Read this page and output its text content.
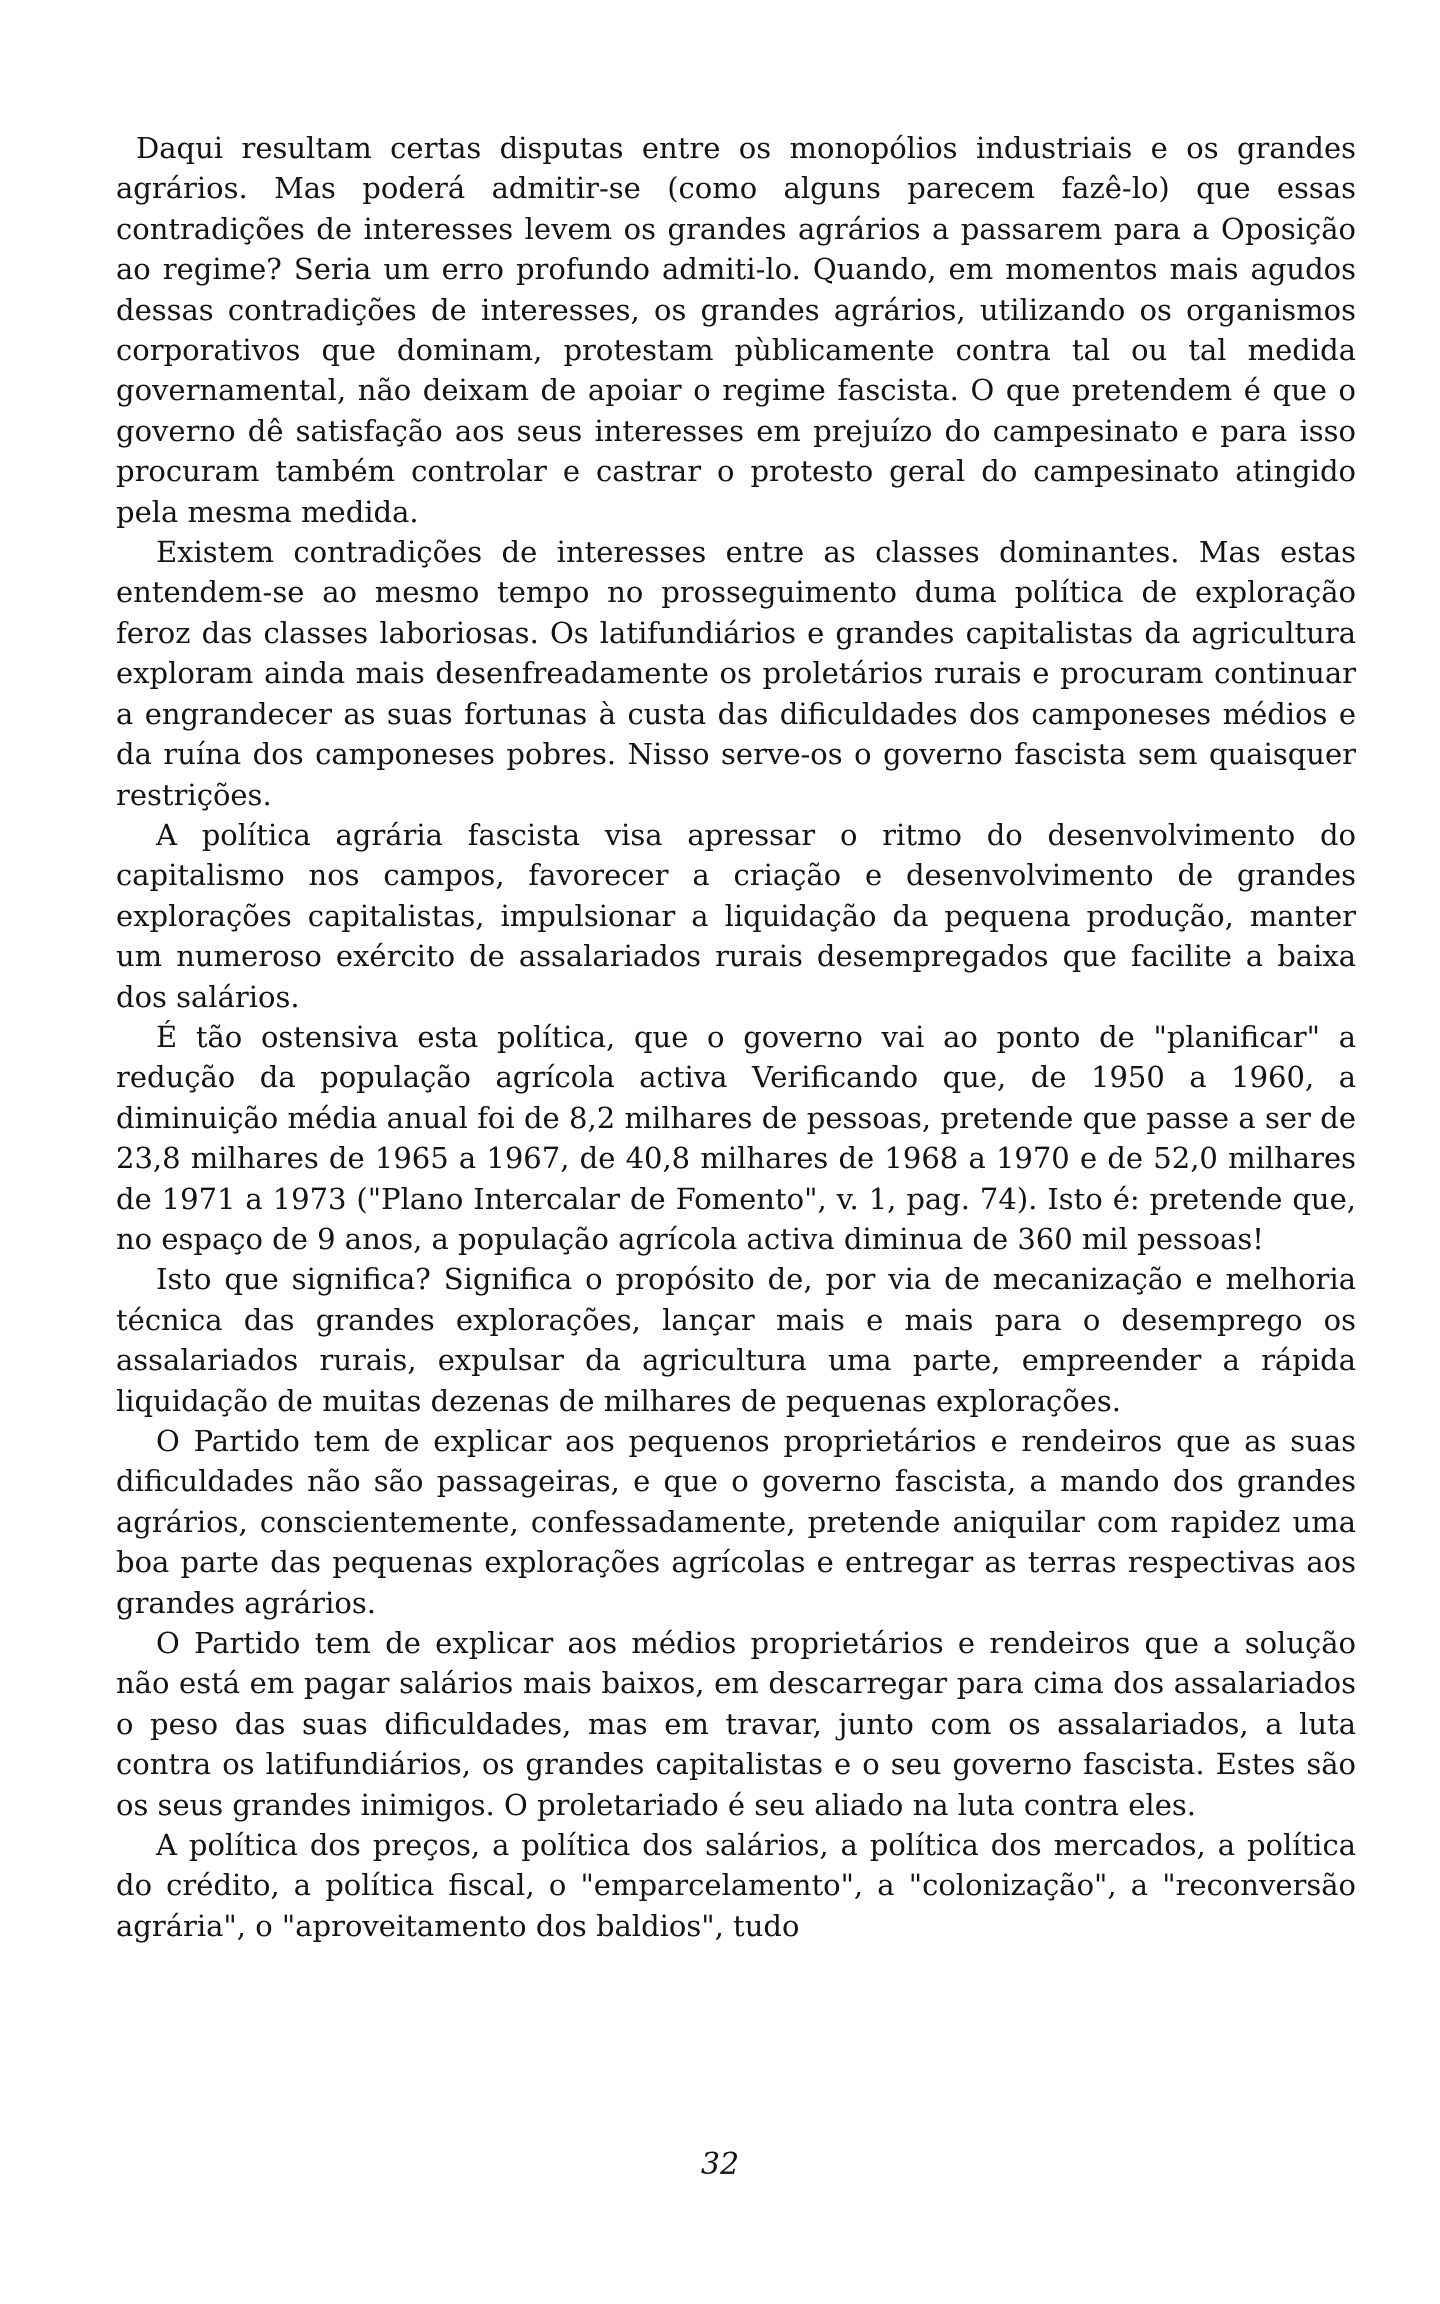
Daqui resultam certas disputas entre os monopólios industriais e os grandes agrários. Mas poderá admitir-se (como alguns parecem fazê-lo) que essas contradições de interesses levem os grandes agrários a passarem para a Oposição ao regime? Seria um erro profundo admiti-lo. Quando, em momentos mais agudos dessas contradições de interesses, os grandes agrários, utilizando os organismos corporativos que dominam, protestam pùblicamente contra tal ou tal medida governamental, não deixam de apoiar o regime fascista. O que pretendem é que o governo dê satisfação aos seus interesses em prejuízo do campesinato e para isso procuram também controlar e castrar o protesto geral do campesinato atingido pela mesma medida.

Existem contradições de interesses entre as classes dominantes. Mas estas entendem-se ao mesmo tempo no prosseguimento duma política de exploração feroz das classes laboriosas. Os latifundiários e grandes capitalistas da agricultura exploram ainda mais desenfreadamente os proletários rurais e procuram continuar a engrandecer as suas fortunas à custa das dificuldades dos camponeses médios e da ruína dos camponeses pobres. Nisso serve-os o governo fascista sem quaisquer restrições.

A política agrária fascista visa apressar o ritmo do desenvolvimento do capitalismo nos campos, favorecer a criação e desenvolvimento de grandes explorações capitalistas, impulsionar a liquidação da pequena produção, manter um numeroso exército de assalariados rurais desempregados que facilite a baixa dos salários.

É tão ostensiva esta política, que o governo vai ao ponto de "planificar" a redução da população agrícola activa Verificando que, de 1950 a 1960, a diminuição média anual foi de 8,2 milhares de pessoas, pretende que passe a ser de 23,8 milhares de 1965 a 1967, de 40,8 milhares de 1968 a 1970 e de 52,0 milhares de 1971 a 1973 ("Plano Intercalar de Fomento", v. 1, pag. 74). Isto é: pretende que, no espaço de 9 anos, a população agrícola activa diminua de 360 mil pessoas!

Isto que significa? Significa o propósito de, por via de mecanização e melhoria técnica das grandes explorações, lançar mais e mais para o desemprego os assalariados rurais, expulsar da agricultura uma parte, empreender a rápida liquidação de muitas dezenas de milhares de pequenas explorações.

O Partido tem de explicar aos pequenos proprietários e rendeiros que as suas dificuldades não são passageiras, e que o governo fascista, a mando dos grandes agrários, conscientemente, confessadamente, pretende aniquilar com rapidez uma boa parte das pequenas explorações agrícolas e entregar as terras respectivas aos grandes agrários.

O Partido tem de explicar aos médios proprietários e rendeiros que a solução não está em pagar salários mais baixos, em descarregar para cima dos assalariados o peso das suas dificuldades, mas em travar, junto com os assalariados, a luta contra os latifundiários, os grandes capitalistas e o seu governo fascista. Estes são os seus grandes inimigos. O proletariado é seu aliado na luta contra eles.

A política dos preços, a política dos salários, a política dos mercados, a política do crédito, a política fiscal, o "emparcelamento", a "colonização", a "reconversão agrária", o "aproveitamento dos baldios", tudo

32
